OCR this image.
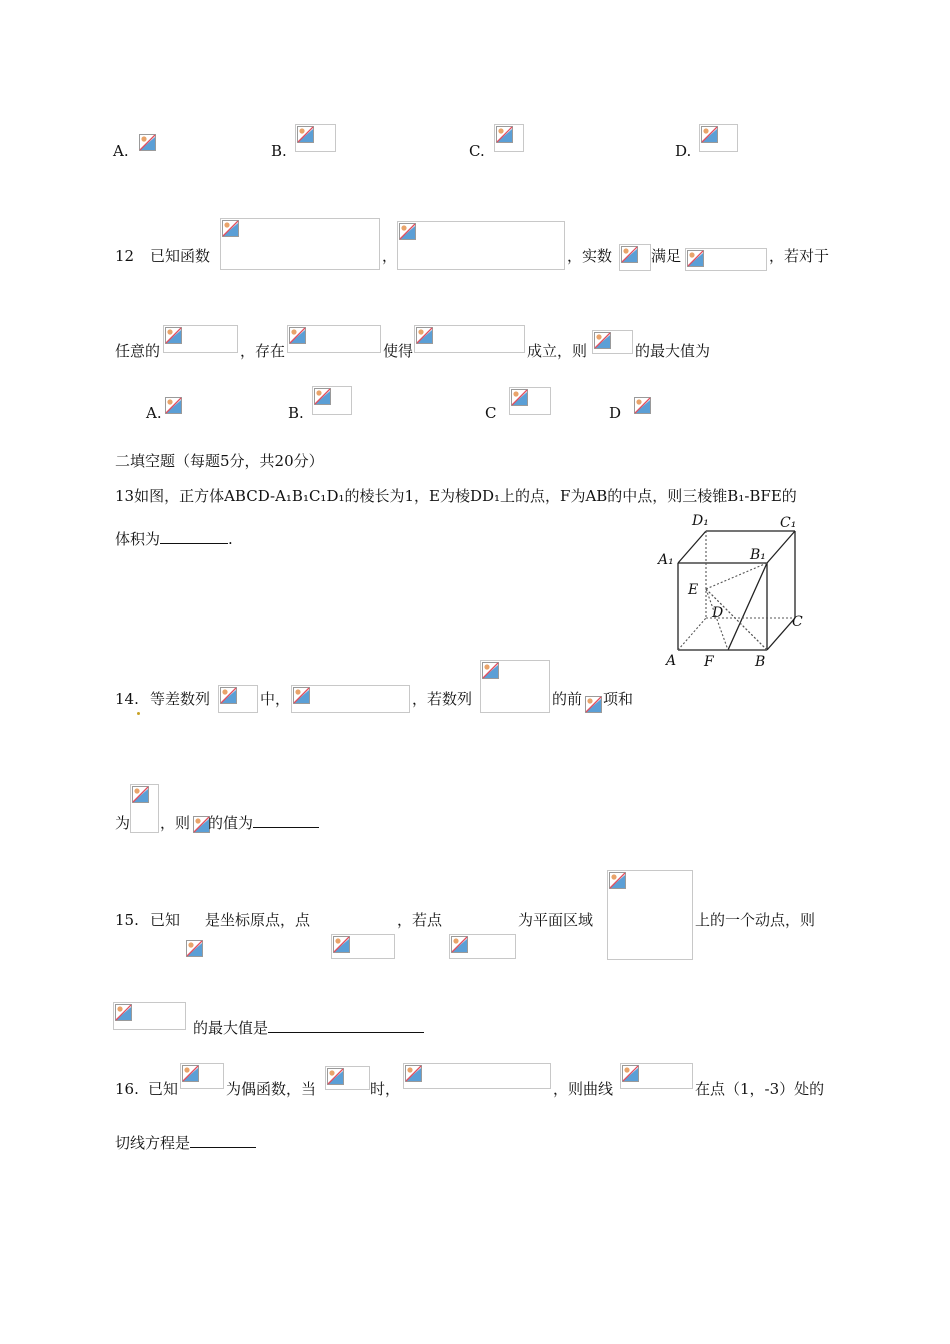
A.	B.	C.	D.
12 已知函数	，	，实数	满足	，若对于
任意的	，存在	使得	成立，则	的最大值为
A.	B.	C	D
二填空题（每题5分，共20分）
13如图，正方体ABCD-A₁B₁C₁D₁的棱长为1，E为棱DD₁上的点，F为AB的中点，则三棱锥B₁-BFE的
体积为	.
D₁	C₁
A₁	B₁
E
D
C
A F	B
14. 等差数列	中，	，若数列	的前 项和
为 ，则 的值为
15. 已知 是坐标原点，点	，若点	为平面区域	上的一个动点，则
的最大值是
16. 已知	为偶函数，当	时，	，则曲线	在点（1，-3）处的
切线方程是
